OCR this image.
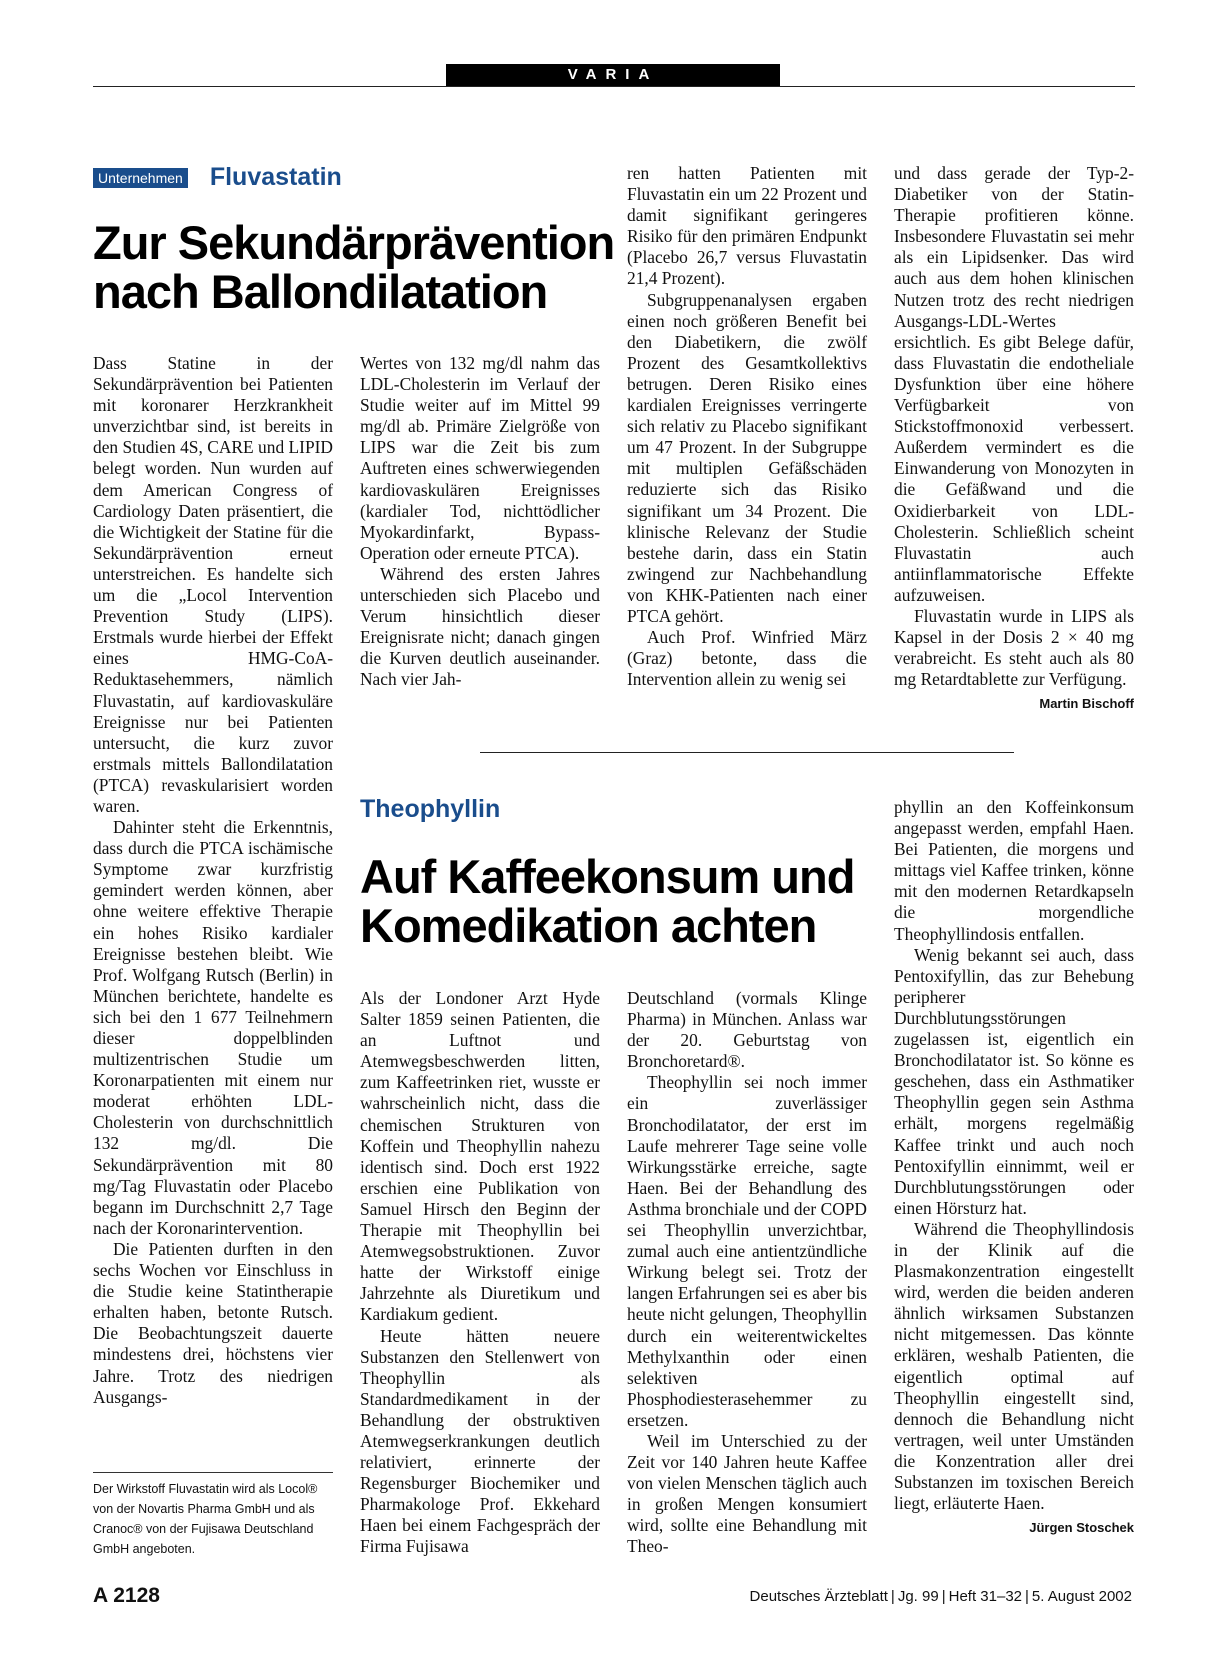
VARIA
Unternehmen Fluvastatin
Zur Sekundärprävention
nach Ballondilatation

Dass Statine in der Sekundärprävention bei Patienten mit koronarer Herzkrankheit unverzichtbar sind, ist bereits in den Studien 4S, CARE und LIPID belegt worden. Nun wurden auf dem American Congress of Cardiology Daten präsentiert, die die Wichtigkeit der Statine für die Sekundärprävention erneut unterstreichen. Es handelte sich um die „Locol Intervention Prevention Study (LIPS). Erstmals wurde hierbei der Effekt eines HMG-CoA-Reduktasehemmers, nämlich Fluvastatin, auf kardiovaskuläre Ereignisse nur bei Patienten untersucht, die kurz zuvor erstmals mittels Ballondilatation (PTCA) revaskularisiert worden waren.

Dahinter steht die Erkenntnis, dass durch die PTCA ischämische Symptome zwar kurzfristig gemindert werden können, aber ohne weitere effektive Therapie ein hohes Risiko kardialer Ereignisse bestehen bleibt. Wie Prof. Wolfgang Rutsch (Berlin) in München berichtete, handelte es sich bei den 1 677 Teilnehmern dieser doppelblinden multizentrischen Studie um Koronarpatienten mit einem nur moderat erhöhten LDL-Cholesterin von durchschnittlich 132 mg/dl. Die Sekundärprävention mit 80 mg/Tag Fluvastatin oder Placebo begann im Durchschnitt 2,7 Tage nach der Koronarintervention.

Die Patienten durften in den sechs Wochen vor Einschluss in die Studie keine Statintherapie erhalten haben, betonte Rutsch. Die Beobachtungszeit dauerte mindestens drei, höchstens vier Jahre. Trotz des niedrigen Ausgangs-

Wertes von 132 mg/dl nahm das LDL-Cholesterin im Verlauf der Studie weiter auf im Mittel 99 mg/dl ab. Primäre Zielgröße von LIPS war die Zeit bis zum Auftreten eines schwerwiegenden kardiovaskulären Ereignisses (kardialer Tod, nichttödlicher Myokardinfarkt, Bypass-Operation oder erneute PTCA).

Während des ersten Jahres unterschieden sich Placebo und Verum hinsichtlich dieser Ereignisrate nicht; danach gingen die Kurven deutlich auseinander. Nach vier Jah-

ren hatten Patienten mit Fluvastatin ein um 22 Prozent und damit signifikant geringeres Risiko für den primären Endpunkt (Placebo 26,7 versus Fluvastatin 21,4 Prozent).

Subgruppenanalysen ergaben einen noch größeren Benefit bei den Diabetikern, die zwölf Prozent des Gesamtkollektivs betrugen. Deren Risiko eines kardialen Ereignisses verringerte sich relativ zu Placebo signifikant um 47 Prozent. In der Subgruppe mit multiplen Gefäßschäden reduzierte sich das Risiko signifikant um 34 Prozent. Die klinische Relevanz der Studie bestehe darin, dass ein Statin zwingend zur Nachbehandlung von KHK-Patienten nach einer PTCA gehört.

Auch Prof. Winfried März (Graz) betonte, dass die Intervention allein zu wenig sei

und dass gerade der Typ-2-Diabetiker von der Statin-Therapie profitieren könne. Insbesondere Fluvastatin sei mehr als ein Lipidsenker. Das wird auch aus dem hohen klinischen Nutzen trotz des recht niedrigen Ausgangs-LDL-Wertes ersichtlich. Es gibt Belege dafür, dass Fluvastatin die endotheliale Dysfunktion über eine höhere Verfügbarkeit von Stickstoffmonoxid verbessert. Außerdem vermindert es die Einwanderung von Monozyten in die Gefäßwand und die Oxidierbarkeit von LDL-Cholesterin. Schließlich scheint Fluvastatin auch antiinflammatorische Effekte aufzuweisen.

Fluvastatin wurde in LIPS als Kapsel in der Dosis 2 × 40 mg verabreicht. Es steht auch als 80 mg Retardtablette zur Verfügung.
Martin Bischoff

Der Wirkstoff Fluvastatin wird als Locol® von der Novartis Pharma GmbH und als Cranoc® von der Fujisawa Deutschland GmbH angeboten.
Theophyllin
Auf Kaffeekonsum und
Komedikation achten

Als der Londoner Arzt Hyde Salter 1859 seinen Patienten, die an Luftnot und Atemwegsbeschwerden litten, zum Kaffeetrinken riet, wusste er wahrscheinlich nicht, dass die chemischen Strukturen von Koffein und Theophyllin nahezu identisch sind. Doch erst 1922 erschien eine Publikation von Samuel Hirsch den Beginn der Therapie mit Theophyllin bei Atemwegsobstruktionen. Zuvor hatte der Wirkstoff einige Jahrzehnte als Diuretikum und Kardiakum gedient.

Heute hätten neuere Substanzen den Stellenwert von Theophyllin als Standardmedikament in der Behandlung der obstruktiven Atemwegserkrankungen deutlich relativiert, erinnerte der Regensburger Biochemiker und Pharmakologe Prof. Ekkehard Haen bei einem Fachgespräch der Firma Fujisawa

Deutschland (vormals Klinge Pharma) in München. Anlass war der 20. Geburtstag von Bronchoretard®.

Theophyllin sei noch immer ein zuverlässiger Bronchodilatator, der erst im Laufe mehrerer Tage seine volle Wirkungsstärke erreiche, sagte Haen. Bei der Behandlung des Asthma bronchiale und der COPD sei Theophyllin unverzichtbar, zumal auch eine antientzündliche Wirkung belegt sei. Trotz der langen Erfahrungen sei es aber bis heute nicht gelungen, Theophyllin durch ein weiterentwickeltes Methylxanthin oder einen selektiven Phosphodiesterasehemmer zu ersetzen.

Weil im Unterschied zu der Zeit vor 140 Jahren heute Kaffee von vielen Menschen täglich auch in großen Mengen konsumiert wird, sollte eine Behandlung mit Theo-

phyllin an den Koffeinkonsum angepasst werden, empfahl Haen. Bei Patienten, die morgens und mittags viel Kaffee trinken, könne mit den modernen Retardkapseln die morgendliche Theophyllindosis entfallen.

Wenig bekannt sei auch, dass Pentoxifyllin, das zur Behebung peripherer Durchblutungsstörungen zugelassen ist, eigentlich ein Bronchodilatator ist. So könne es geschehen, dass ein Asthmatiker Theophyllin gegen sein Asthma erhält, morgens regelmäßig Kaffee trinkt und auch noch Pentoxifyllin einnimmt, weil er Durchblutungsstörungen oder einen Hörsturz hat.

Während die Theophyllindosis in der Klinik auf die Plasmakonzentration eingestellt wird, werden die beiden anderen ähnlich wirksamen Substanzen nicht mitgemessen. Das könnte erklären, weshalb Patienten, die eigentlich optimal auf Theophyllin eingestellt sind, dennoch die Behandlung nicht vertragen, weil unter Umständen die Konzentration aller drei Substanzen im toxischen Bereich liegt, erläuterte Haen.
Jürgen Stoschek

A 2128	Deutsches Ärzteblatt | Jg. 99 | Heft 31–32 | 5. August 2002
